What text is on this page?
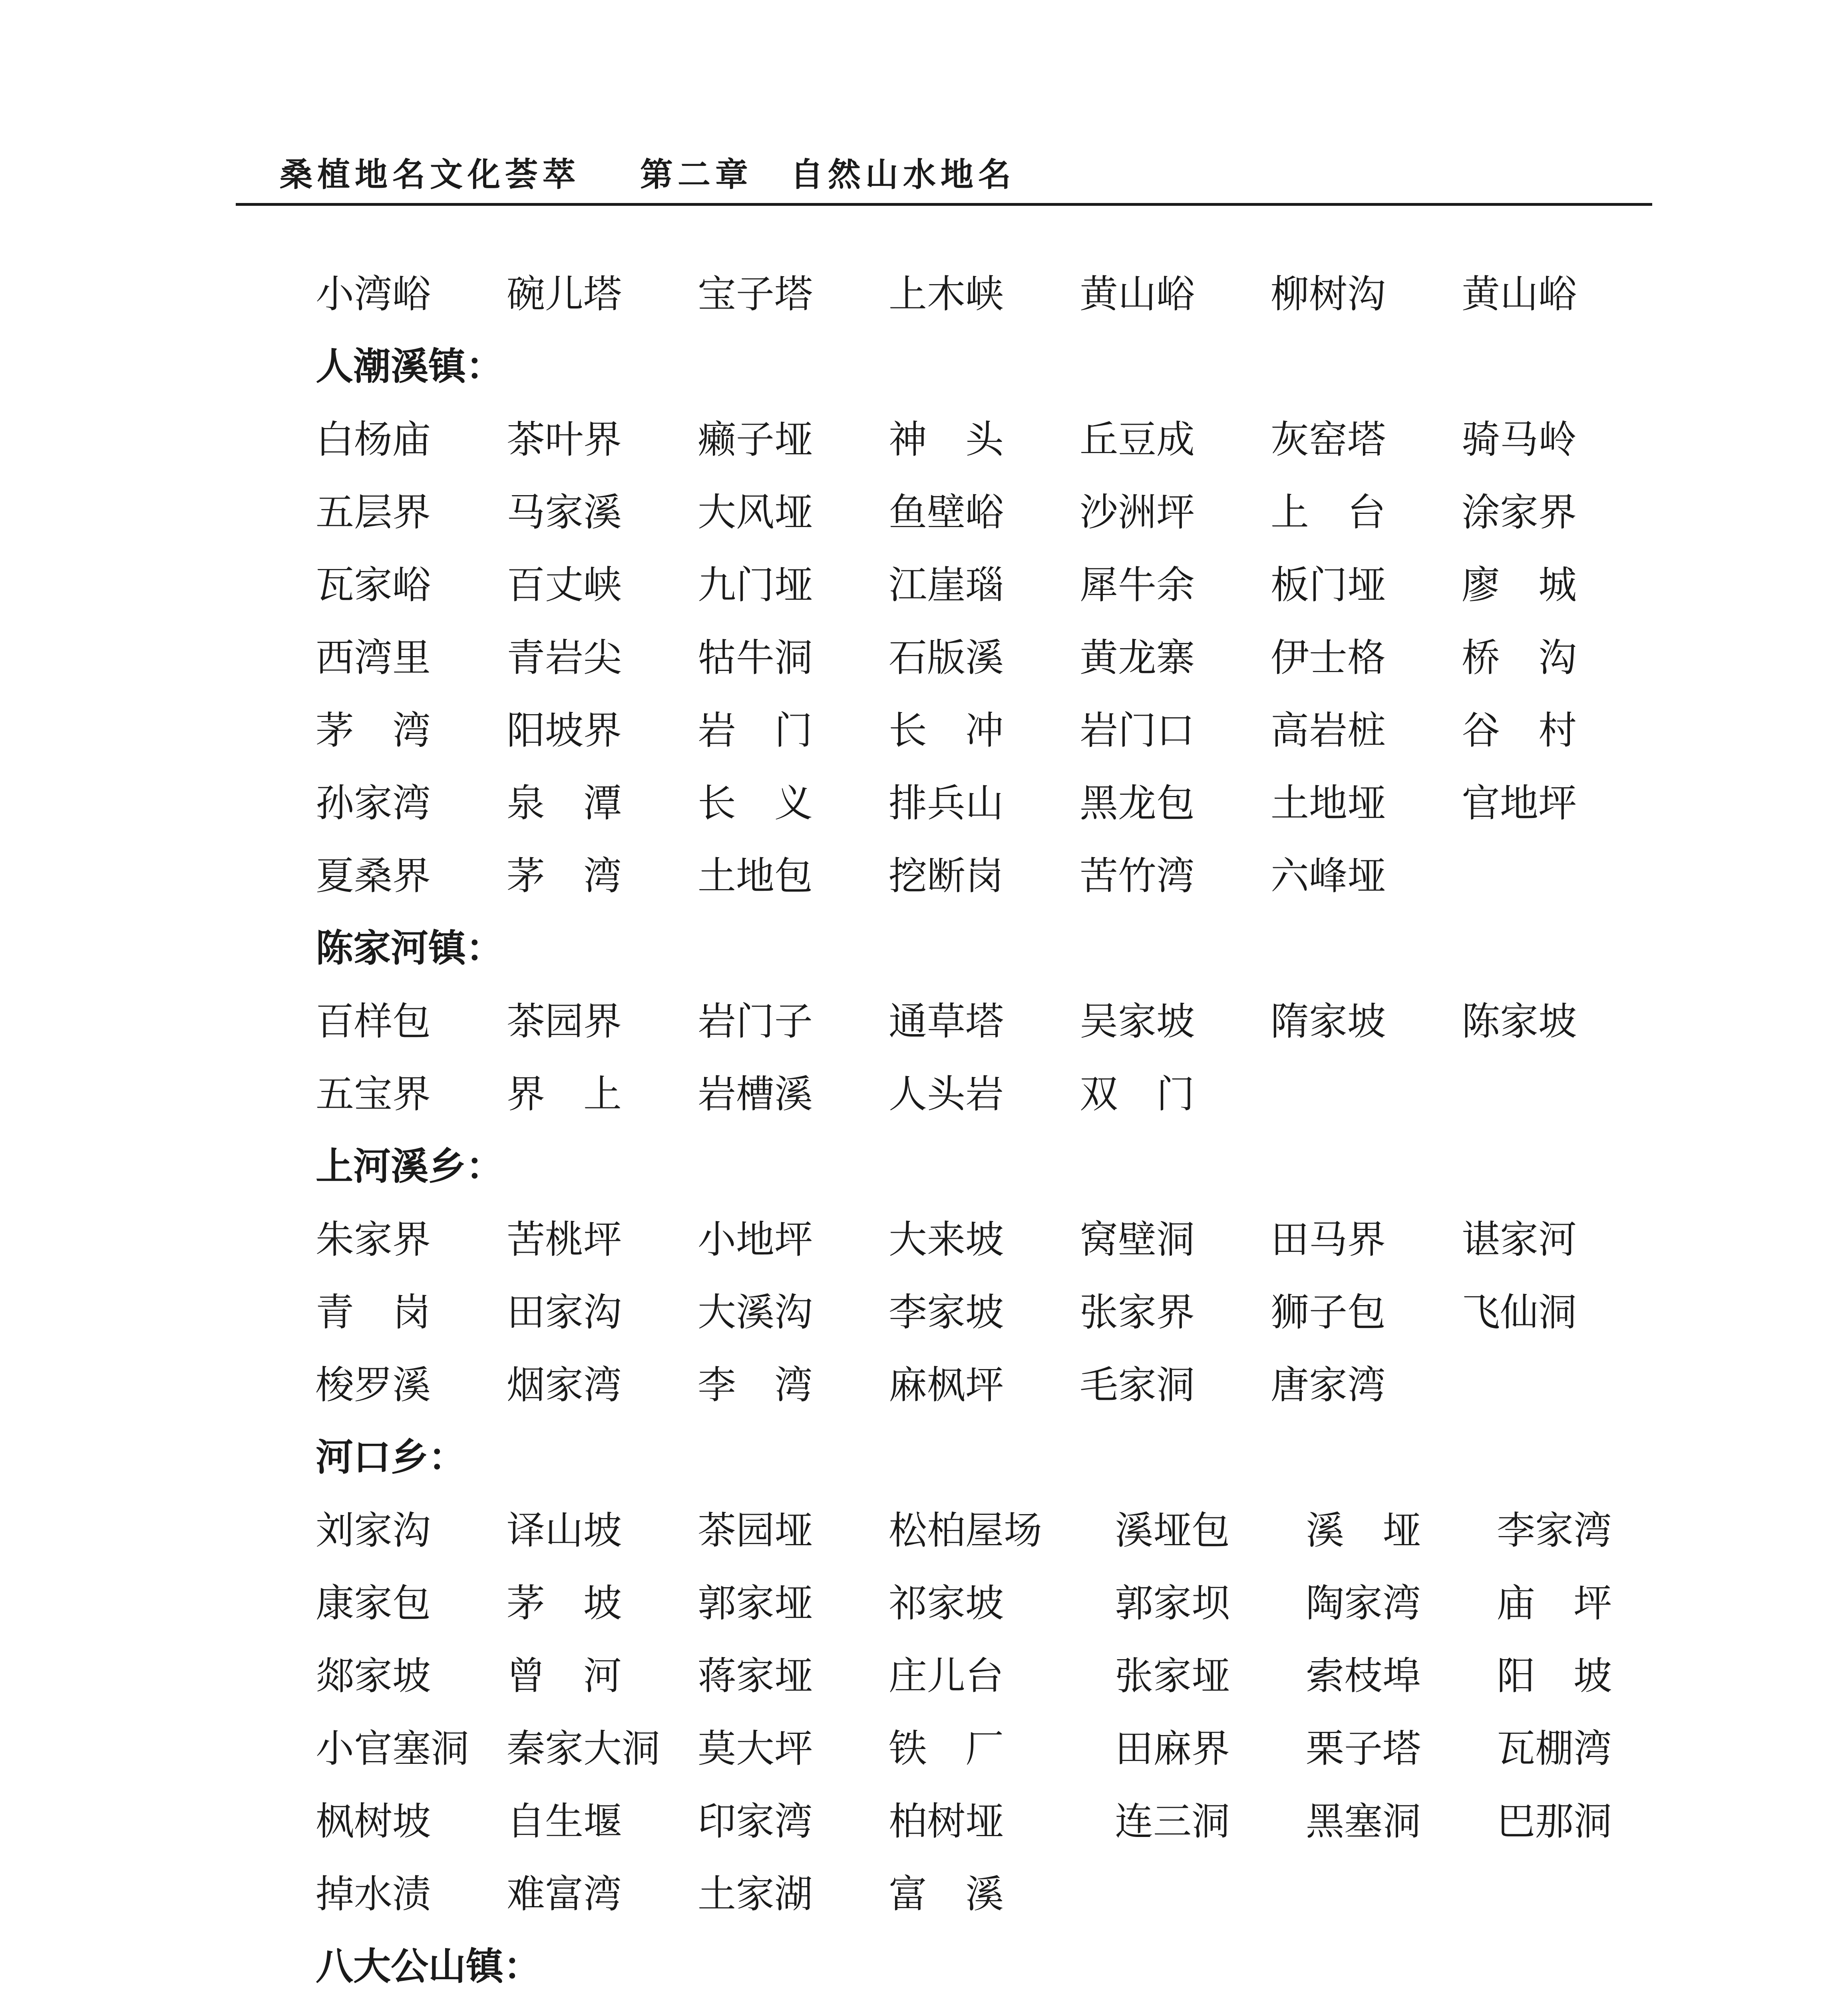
桑植地名文化荟萃 第二章　自然山水地名
小湾峪 碗儿塔 宝子塔 上木峡 黄山峪 柳树沟 黄山峪
人潮溪镇：
白杨庙 茶叶界 癞子垭 神　头 丘豆成 灰窑塔 骑马岭
五层界 马家溪 大风垭 鱼壁峪 沙洲坪 上　台 涂家界
瓦家峪 百丈峡 九门垭 江崖瑙 犀牛余 板门垭 廖　城
西湾里 青岩尖 牯牛洞 石版溪 黄龙寨 伊士格 桥　沟
茅　湾 阳坡界 岩　门 长　冲 岩门口 高岩桩 谷　村
孙家湾 泉　潭 长　义 排兵山 黑龙包 土地垭 官地坪
夏桑界 茅　湾 土地包 挖断岗 苦竹湾 六峰垭
陈家河镇：
百样包 茶园界 岩门子 通草塔 吴家坡 隋家坡 陈家坡
五宝界 界　上 岩槽溪 人头岩 双　门
上河溪乡：
朱家界 苦桃坪 小地坪 大来坡 窝壁洞 田马界 谌家河
青　岗 田家沟 大溪沟 李家坡 张家界 狮子包 飞仙洞
梭罗溪 烟家湾 李　湾 麻枫坪 毛家洞 唐家湾
河口乡：
刘家沟 译山坡 茶园垭 松柏屋场 溪垭包 溪　垭 李家湾
康家包 茅　坡 郭家垭 祁家坡	郭家坝 陶家湾 庙　坪
郯家坡 曾　河 蒋家垭 庄儿台	张家垭 索枝埠 阳　坡
小官塞洞 秦家大洞 莫大坪 铁　厂	田麻界 栗子塔 瓦棚湾
枫树坡 自生堰 印家湾 柏树垭	连三洞 黑塞洞 巴那洞
掉水渍 难富湾 土家湖 富　溪
八大公山镇：
